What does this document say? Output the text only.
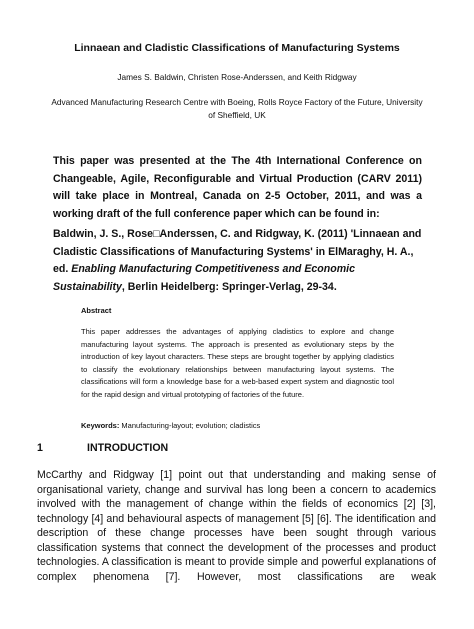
Linnaean and Cladistic Classifications of Manufacturing Systems
James S. Baldwin, Christen Rose-Anderssen, and Keith Ridgway
Advanced Manufacturing Research Centre with Boeing, Rolls Royce Factory of the Future, University of Sheffield, UK

This paper was presented at the The 4th International Conference on Changeable, Agile, Reconfigurable and Virtual Production (CARV 2011) will take place in Montreal, Canada on 2-5 October, 2011, and was a working draft of the full conference paper which can be found in:

Baldwin, J. S., Rose□Anderssen, C. and Ridgway, K. (2011) 'Linnaean and Cladistic Classifications of Manufacturing Systems' in ElMaraghy, H. A., ed. Enabling Manufacturing Competitiveness and Economic Sustainability, Berlin Heidelberg: Springer-Verlag, 29-34.

Abstract

This paper addresses the advantages of applying cladistics to explore and change manufacturing layout systems. The approach is presented as evolutionary steps by the introduction of key layout characters. These steps are brought together by applying cladistics to classify the evolutionary relationships between manufacturing layout systems. The classifications will form a knowledge base for a web-based expert system and diagnostic tool for the rapid design and virtual prototyping of factories of the future.

Keywords: Manufacturing-layout; evolution; cladistics
1	INTRODUCTION

McCarthy and Ridgway [1] point out that understanding and making sense of organisational variety, change and survival has long been a concern to academics involved with the management of change within the fields of economics [2] [3], technology [4] and behavioural aspects of management [5] [6]. The identification and description of these change processes have been sought through various classification systems that connect the development of the processes and product technologies. A classification is meant to provide simple and powerful explanations of complex phenomena [7]. However, most classifications are weak
